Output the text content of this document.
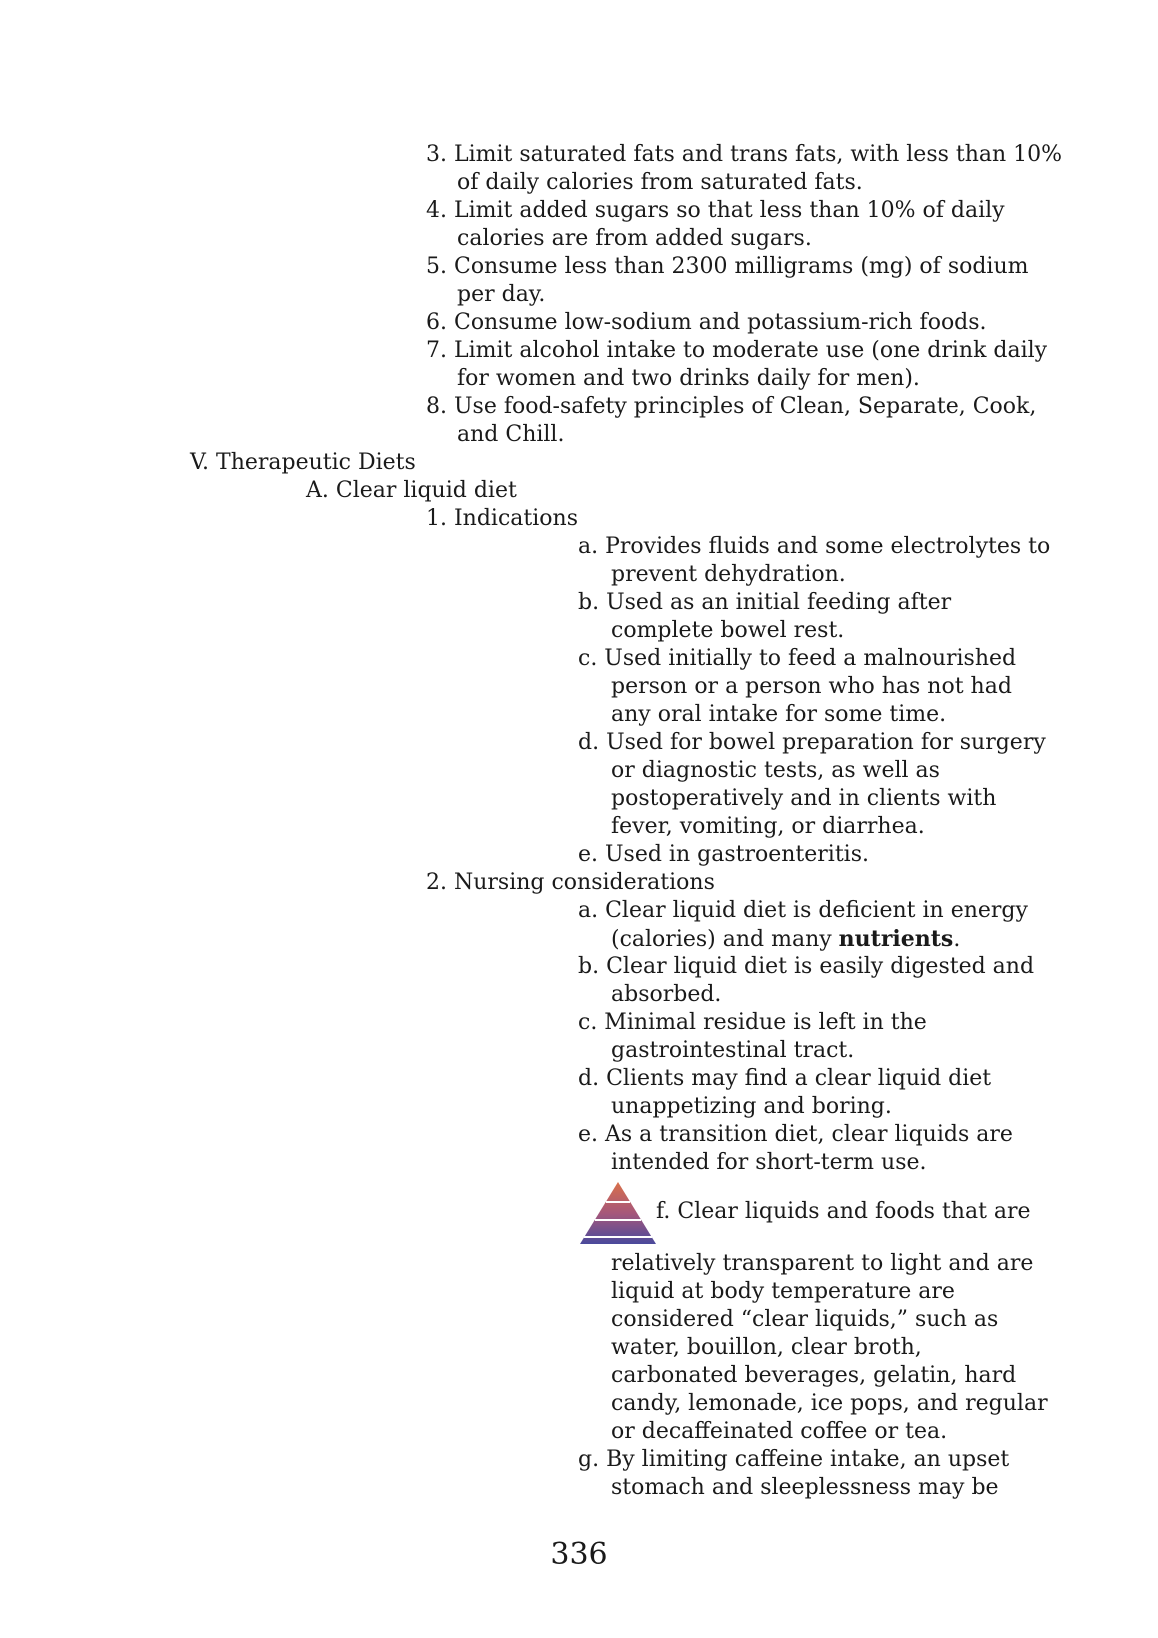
3. Limit saturated fats and trans fats, with less than 10%
of daily calories from saturated fats.
4. Limit added sugars so that less than 10% of daily
calories are from added sugars.
5. Consume less than 2300 milligrams (mg) of sodium
per day.
6. Consume low-sodium and potassium-rich foods.
7. Limit alcohol intake to moderate use (one drink daily
for women and two drinks daily for men).
8. Use food-safety principles of Clean, Separate, Cook,
and Chill.
V. Therapeutic Diets
A. Clear liquid diet
1. Indications
a. Provides fluids and some electrolytes to
prevent dehydration.
b. Used as an initial feeding after
complete bowel rest.
c. Used initially to feed a malnourished
person or a person who has not had
any oral intake for some time.
d. Used for bowel preparation for surgery
or diagnostic tests, as well as
postoperatively and in clients with
fever, vomiting, or diarrhea.
e. Used in gastroenteritis.
2. Nursing considerations
a. Clear liquid diet is deficient in energy
(calories) and many nutrients.
b. Clear liquid diet is easily digested and
absorbed.
c. Minimal residue is left in the
gastrointestinal tract.
d. Clients may find a clear liquid diet
unappetizing and boring.
e. As a transition diet, clear liquids are
intended for short-term use.
f. Clear liquids and foods that are
relatively transparent to light and are
liquid at body temperature are
considered “clear liquids,” such as
water, bouillon, clear broth,
carbonated beverages, gelatin, hard
candy, lemonade, ice pops, and regular
or decaffeinated coffee or tea.
g. By limiting caffeine intake, an upset
stomach and sleeplessness may be
336
